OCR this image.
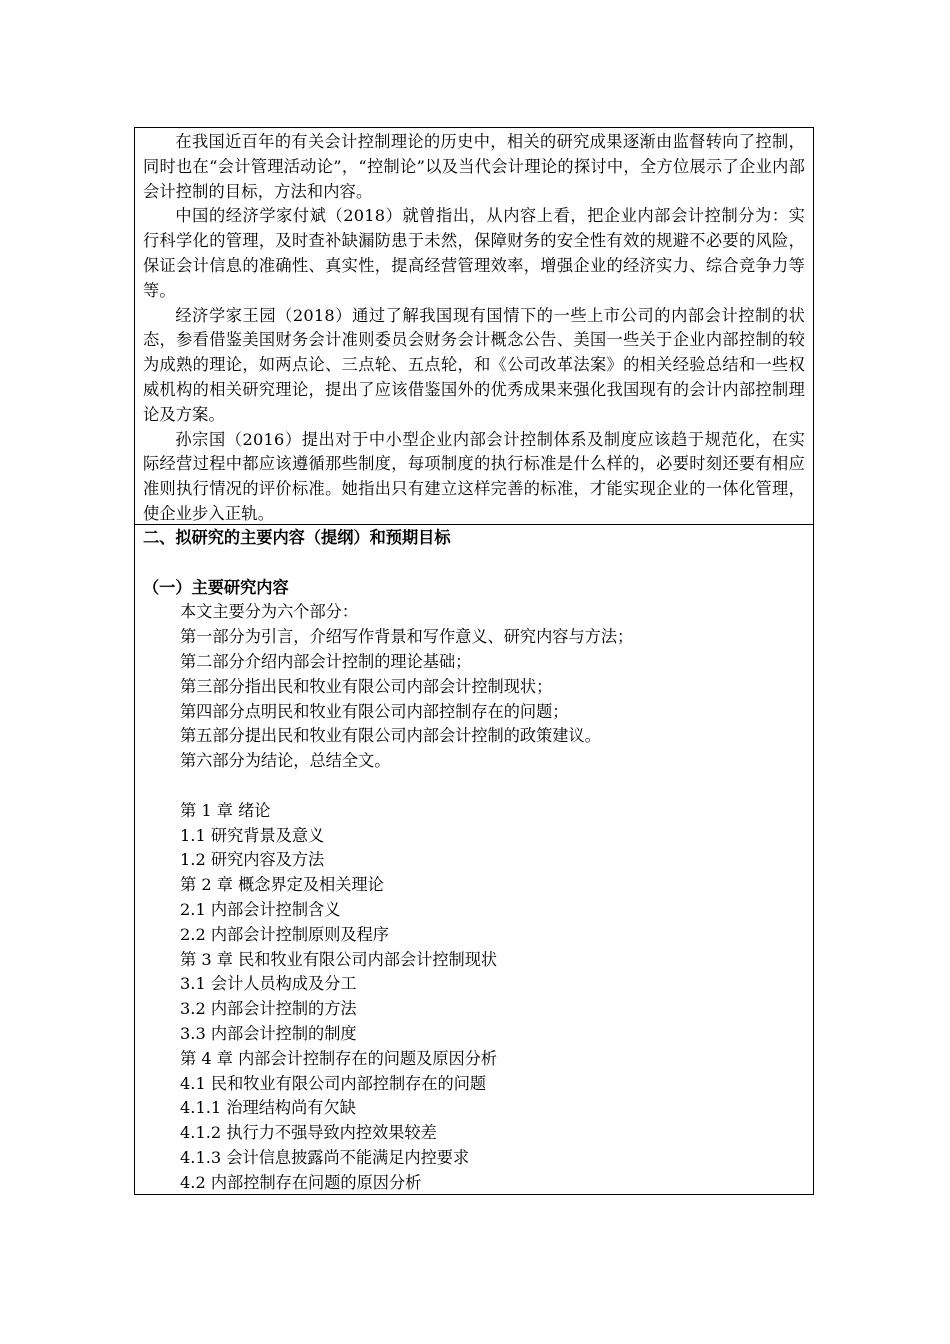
在我国近百年的有关会计控制理论的历史中，相关的研究成果逐渐由监督转向了控制，同时也在“会计管理活动论”，“控制论”以及当代会计理论的探讨中，全方位展示了企业内部会计控制的目标，方法和内容。

中国的经济学家付斌（2018）就曾指出，从内容上看，把企业内部会计控制分为：实行科学化的管理，及时查补缺漏防患于未然，保障财务的安全性有效的规避不必要的风险，保证会计信息的准确性、真实性，提高经营管理效率，增强企业的经济实力、综合竞争力等等。

经济学家王园（2018）通过了解我国现有国情下的一些上市公司的内部会计控制的状态，参看借鉴美国财务会计准则委员会财务会计概念公告、美国一些关于企业内部控制的较为成熟的理论，如两点论、三点轮、五点轮，和《公司改革法案》的相关经验总结和一些权威机构的相关研究理论，提出了应该借鉴国外的优秀成果来强化我国现有的会计内部控制理论及方案。

孙宗国（2016）提出对于中小型企业内部会计控制体系及制度应该趋于规范化，在实际经营过程中都应该遵循那些制度，每项制度的执行标准是什么样的，必要时刻还要有相应准则执行情况的评价标准。她指出只有建立这样完善的标准，才能实现企业的一体化管理，使企业步入正轨。

二、拟研究的主要内容（提纲）和预期目标

（一）主要研究内容

本文主要分为六个部分：

第一部分为引言，介绍写作背景和写作意义、研究内容与方法；

第二部分介绍内部会计控制的理论基础；

第三部分指出民和牧业有限公司内部会计控制现状；

第四部分点明民和牧业有限公司内部控制存在的问题；

第五部分提出民和牧业有限公司内部会计控制的政策建议。

第六部分为结论，总结全文。

第 1 章 绪论

1.1 研究背景及意义

1.2 研究内容及方法

第 2 章 概念界定及相关理论

2.1 内部会计控制含义

2.2 内部会计控制原则及程序

第 3 章 民和牧业有限公司内部会计控制现状

3.1 会计人员构成及分工

3.2 内部会计控制的方法

3.3 内部会计控制的制度

第 4 章 内部会计控制存在的问题及原因分析

4.1 民和牧业有限公司内部控制存在的问题

4.1.1 治理结构尚有欠缺

4.1.2 执行力不强导致内控效果较差

4.1.3 会计信息披露尚不能满足内控要求

4.2 内部控制存在问题的原因分析
